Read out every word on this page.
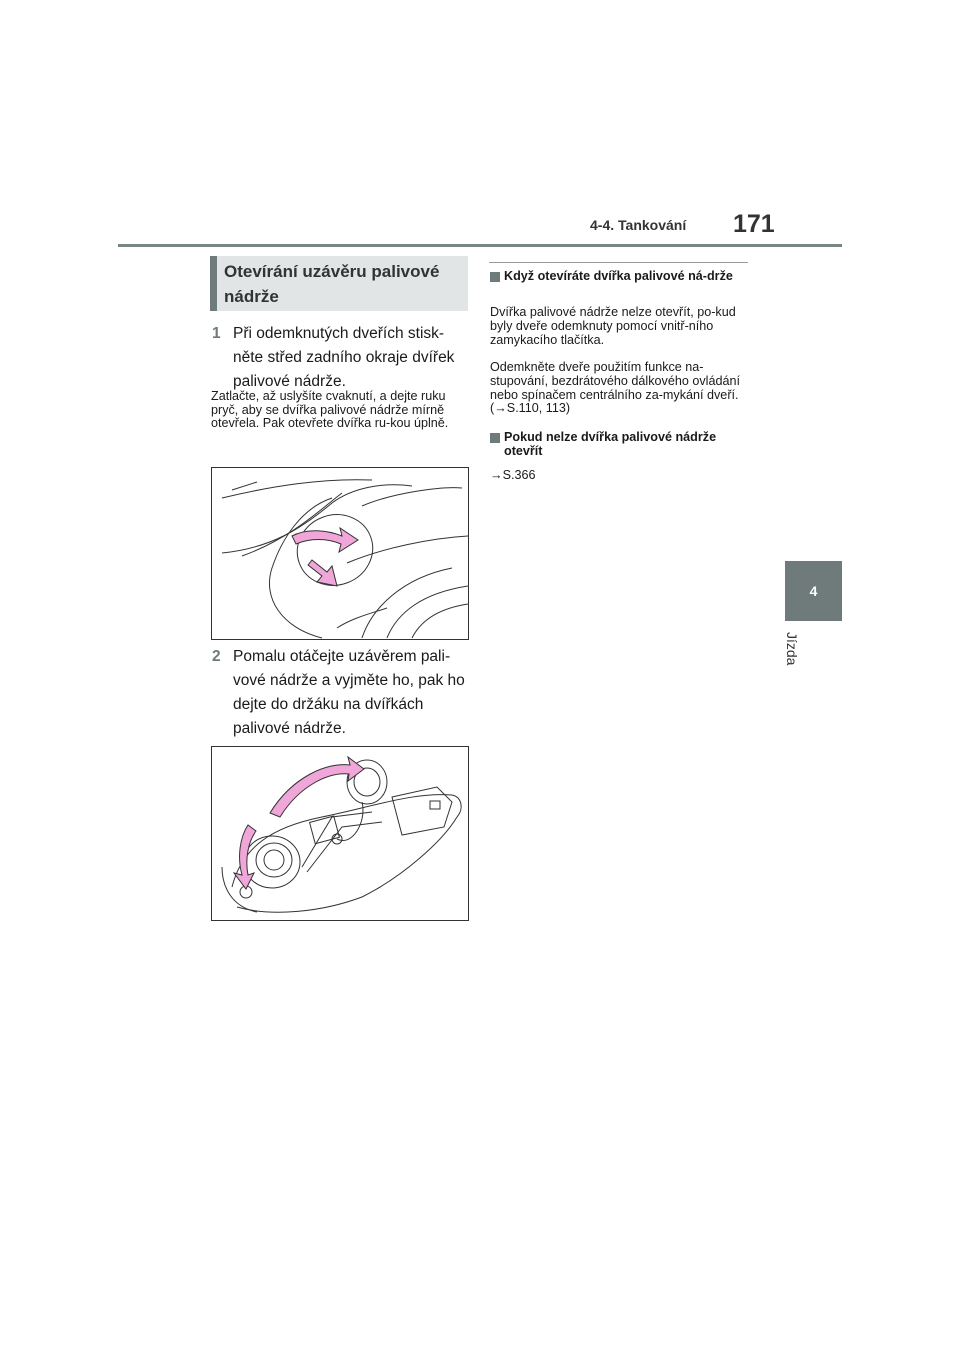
4-4. Tankování 171
4
Jízda
Otevírání uzávěru palivové nádrže
1 Při odemknutých dveřích stisk-něte střed zadního okraje dvířek palivové nádrže.
Zatlačte, až uslyšíte cvaknutí, a dejte ruku pryč, aby se dvířka palivové nádrže mírně otevřela. Pak otevřete dvířka ru-kou úplně.
2 Pomalu otáčejte uzávěrem pali-vové nádrže a vyjměte ho, pak ho dejte do držáku na dvířkách palivové nádrže.
Když otevíráte dvířka palivové ná-drže
Dvířka palivové nádrže nelze otevřít, po-kud byly dveře odemknuty pomocí vnitř-ního zamykacího tlačítka.
Odemkněte dveře použitím funkce na-stupování, bezdrátového dálkového ovládání nebo spínačem centrálního za-mykání dveří. (→S.110, 113)
Pokud nelze dvířka palivové nádrže otevřít
→S.366
